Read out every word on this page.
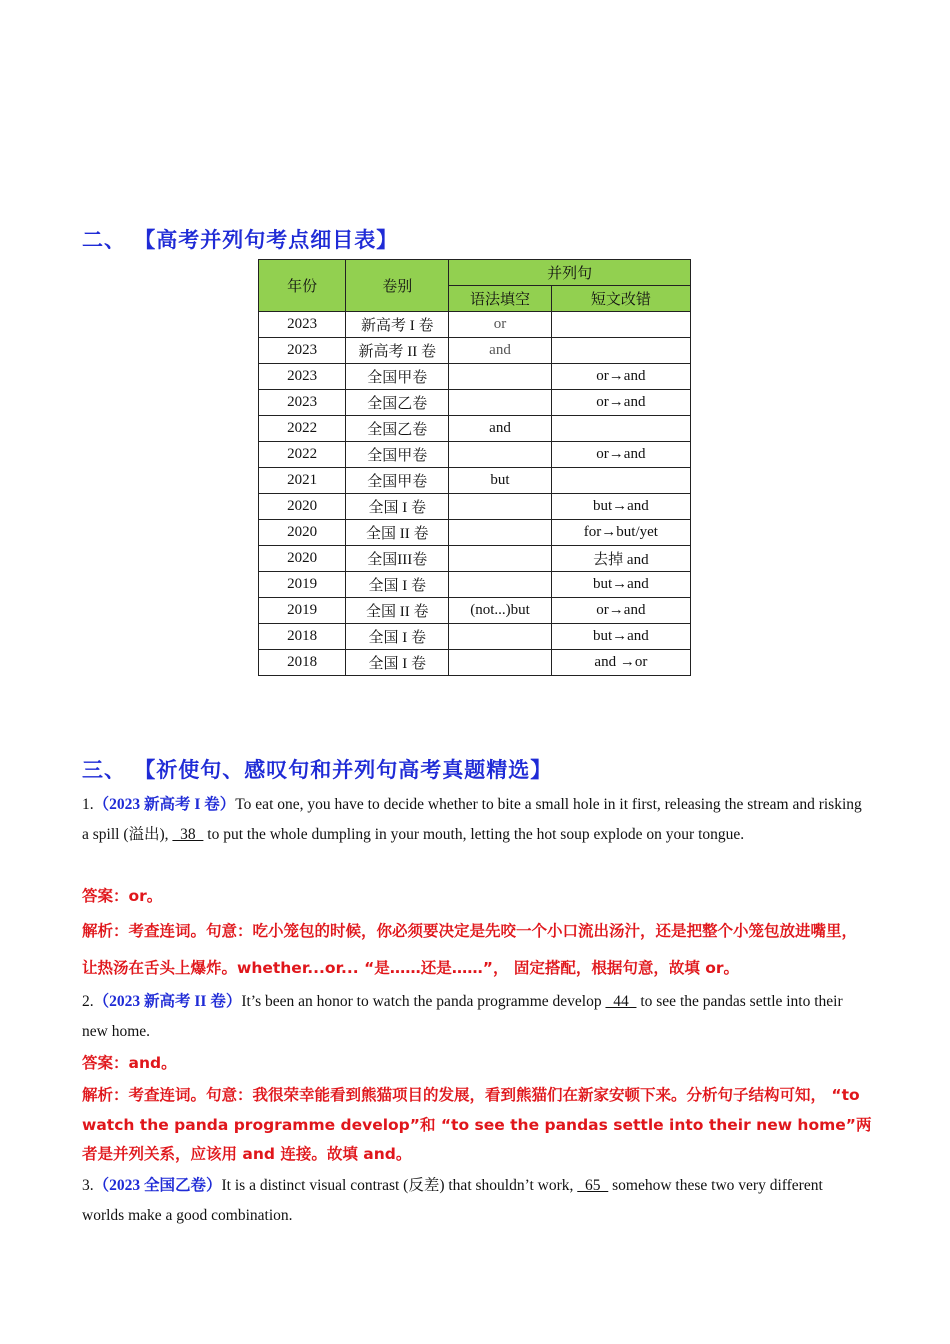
二、 【高考并列句考点细目表】
年份	卷别	并列句	
		语法填空	短文改错
2023	新高考 I 卷	or	
2023	新高考 II 卷	and	
2023	全国甲卷		or→and
2023	全国乙卷		or→and
2022	全国乙卷	and	
2022	全国甲卷		or→and
2021	全国甲卷	but	
2020	全国 I 卷		but→and
2020	全国 II 卷		for→but/yet
2020	全国III卷		去掉 and
2019	全国 I 卷		but→and
2019	全国 II 卷	(not...)but	or→and
2018	全国 I 卷		but→and
2018	全国 I 卷		and →or
三、 【祈使句、感叹句和并列句高考真题精选】
1.（2023 新高考 I 卷）To eat one, you have to decide whether to bite a small hole in it first, releasing the stream and risking a spill (溢出),   38   to put the whole dumpling in your mouth, letting the hot soup explode on your tongue.
答案：or。
解析：考查连词。句意：吃小笼包的时候，你必须要决定是先咬一个小口流出汤汁，还是把整个小笼包放进嘴里，让热汤在舌头上爆炸。whether...or... “是……还是……”， 固定搭配，根据句意，故填 or。
2.（2023 新高考 II 卷）It’s been an honor to watch the panda programme develop   44   to see the pandas settle into their new home.
答案：and。
解析：考查连词。句意：我很荣幸能看到熊猫项目的发展，看到熊猫们在新家安顿下来。分析句子结构可知， “to watch the panda programme develop”和 “to see the pandas settle into their new home”两者是并列关系，应该用 and 连接。故填 and。
3.（2023 全国乙卷）It is a distinct visual contrast (反差) that shouldn’t work,   65   somehow these two very different worlds make a good combination.
